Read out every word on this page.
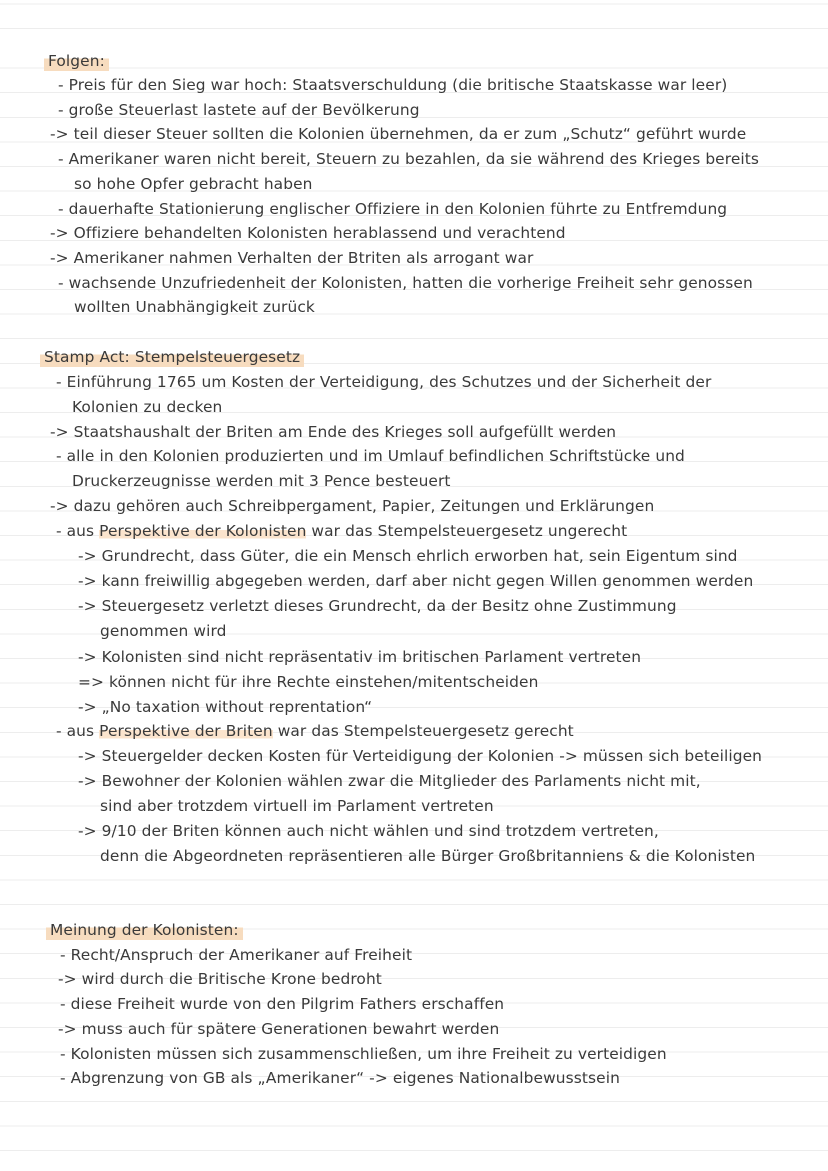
Folgen:
- Preis für den Sieg war hoch: Staatsverschuldung (die britische Staatskasse war leer)
- große Steuerlast lastete auf der Bevölkerung
-> teil dieser Steuer sollten die Kolonien übernehmen, da er zum „Schutz“ geführt wurde
- Amerikaner waren nicht bereit, Steuern zu bezahlen, da sie während des Krieges bereits
so hohe Opfer gebracht haben
- dauerhafte Stationierung englischer Offiziere in den Kolonien führte zu Entfremdung
-> Offiziere behandelten Kolonisten herablassend und verachtend
-> Amerikaner nahmen Verhalten der Btriten als arrogant war
- wachsende Unzufriedenheit der Kolonisten, hatten die vorherige Freiheit sehr genossen
wollten Unabhängigkeit zurück
Stamp Act: Stempelsteuergesetz
- Einführung 1765 um Kosten der Verteidigung, des Schutzes und der Sicherheit der
Kolonien zu decken
-> Staatshaushalt der Briten am Ende des Krieges soll aufgefüllt werden
- alle in den Kolonien produzierten und im Umlauf befindlichen Schriftstücke und
Druckerzeugnisse werden mit 3 Pence besteuert
-> dazu gehören auch Schreibpergament, Papier, Zeitungen und Erklärungen
- aus Perspektive der Kolonisten war das Stempelsteuergesetz ungerecht
-> Grundrecht, dass Güter, die ein Mensch ehrlich erworben hat, sein Eigentum sind
-> kann freiwillig abgegeben werden, darf aber nicht gegen Willen genommen werden
-> Steuergesetz verletzt dieses Grundrecht, da der Besitz ohne Zustimmung
genommen wird
-> Kolonisten sind nicht repräsentativ im britischen Parlament vertreten
=> können nicht für ihre Rechte einstehen/mitentscheiden
-> „No taxation without reprentation“
- aus Perspektive der Briten war das Stempelsteuergesetz gerecht
-> Steuergelder decken Kosten für Verteidigung der Kolonien -> müssen sich beteiligen
-> Bewohner der Kolonien wählen zwar die Mitglieder des Parlaments nicht mit,
sind aber trotzdem virtuell im Parlament vertreten
-> 9/10 der Briten können auch nicht wählen und sind trotzdem vertreten,
denn die Abgeordneten repräsentieren alle Bürger Großbritanniens & die Kolonisten
Meinung der Kolonisten:
- Recht/Anspruch der Amerikaner auf Freiheit
-> wird durch die Britische Krone bedroht
- diese Freiheit wurde von den Pilgrim Fathers erschaffen
-> muss auch für spätere Generationen bewahrt werden
- Kolonisten müssen sich zusammenschließen, um ihre Freiheit zu verteidigen
- Abgrenzung von GB als „Amerikaner“ -> eigenes Nationalbewusstsein
